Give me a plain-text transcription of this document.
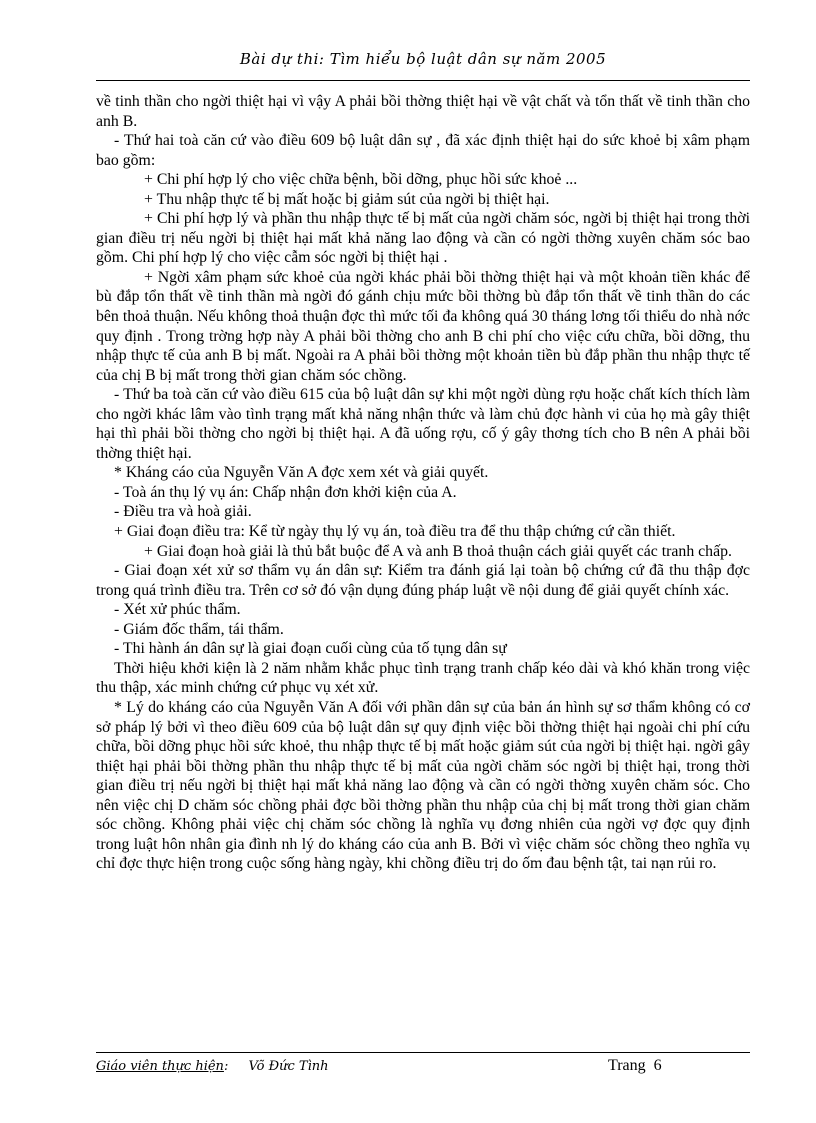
Bài dự thi: Tìm hiểu bộ luật dân sự năm 2005

về tinh thần cho ngời thiệt hại vì vậy A phải bồi thờng thiệt hại về vật chất và tổn thất về tinh thần cho anh B.

- Thứ hai toà căn cứ vào điều 609 bộ luật dân sự , đã xác định thiệt hại do sức khoẻ bị xâm phạm bao gồm:

+ Chi phí hợp lý cho việc chữa bệnh, bồi dỡng, phục hồi sức khoẻ ...

+ Thu nhập thực tế bị mất hoặc bị giảm sút của ngời bị thiệt hại.

+ Chi phí hợp lý và phần thu nhập thực tế bị mất của ngời chăm sóc, ngời bị thiệt hại trong thời gian điều trị nếu ngời bị thiệt hại mất khả năng lao động và cần có ngời thờng xuyên chăm sóc bao gồm. Chi phí hợp lý cho việc cẫm sóc ngời bị thiệt hại .

+ Ngời xâm phạm sức khoẻ của ngời khác phải bồi thờng thiệt hại và một khoản tiền khác để bù đắp tổn thất về tinh thần mà ngời đó gánh chịu mức bồi thờng bù đắp tổn thất về tinh thần do các bên thoả thuận. Nếu không thoả thuận đợc thì mức tối đa không quá 30 tháng lơng tối thiểu do nhà nớc quy định . Trong trờng hợp này A phải bồi thờng cho anh B chi phí cho việc cứu chữa, bồi dỡng, thu nhập thực tế của anh B bị mất. Ngoài ra A phải bồi thờng một khoản tiền bù đắp phần thu nhập thực tế của chị B bị mất trong thời gian chăm sóc chồng.

- Thứ ba toà căn cứ vào điều 615 của bộ luật dân sự khi một ngời dùng rợu hoặc chất kích thích làm cho ngời khác lâm vào tình trạng mất khả năng nhận thức và làm chủ đợc hành vi của họ mà gây thiệt hại thì phải bồi thờng cho ngời bị thiệt hại. A đã uống rợu, cố ý gây thơng tích cho B nên A phải bồi thờng thiệt hại.

* Kháng cáo của Nguyễn Văn A đợc xem xét và giải quyết.

- Toà án thụ lý vụ án: Chấp nhận đơn khởi kiện của A.

- Điều tra và hoà giải.

+ Giai đoạn điều tra: Kể từ ngày thụ lý vụ án, toà điều tra để thu thập chứng cứ cần thiết.

+ Giai đoạn hoà giải là thủ bắt buộc để A và anh B thoả thuận cách giải quyết các tranh chấp.

- Giai đoạn xét xử sơ thẩm vụ án dân sự: Kiểm tra đánh giá lại toàn bộ chứng cứ đã thu thập đợc trong quá trình điều tra. Trên cơ sở đó vận dụng đúng pháp luật về nội dung để giải quyết chính xác.

- Xét xử phúc thẩm.

- Giám đốc thẩm, tái thẩm.

- Thi hành án dân sự là giai đoạn cuối cùng của tố tụng dân sự

Thời hiệu khởi kiện là 2 năm nhằm khắc phục tình trạng tranh chấp kéo dài và khó khăn trong việc thu thập, xác minh chứng cứ phục vụ xét xử.

* Lý do kháng cáo của Nguyễn Văn A đối với phần dân sự của bản án hình sự sơ thẩm không có cơ sở pháp lý bởi vì theo điều 609 của bộ luật dân sự quy định việc bồi thờng thiệt hại ngoài chi phí cứu chữa, bồi dỡng phục hồi sức khoẻ, thu nhập thực tế bị mất hoặc giảm sút của ngời bị thiệt hại. ngời gây thiệt hại phải bồi thờng phần thu nhập thực tế bị mất của ngời chăm sóc ngời bị thiệt hại, trong thời gian điều trị nếu ngời bị thiệt hại mất khả năng lao động và cần có ngời thờng xuyên chăm sóc. Cho nên việc chị D chăm sóc chồng phải đợc bồi thờng phần thu nhập của chị bị mất trong thời gian chăm sóc chồng. Không phải việc chị chăm sóc chồng là nghĩa vụ đơng nhiên của ngời vợ đợc quy định trong luật hôn nhân gia đình nh lý do kháng cáo của anh B. Bởi vì việc chăm sóc chồng theo nghĩa vụ chỉ đợc thực hiện trong cuộc sống hàng ngày, khi chồng điều trị do ốm đau bệnh tật, tai nạn rủi ro.

Giáo viên thực hiện: Võ Đức Tình	Trang 6
